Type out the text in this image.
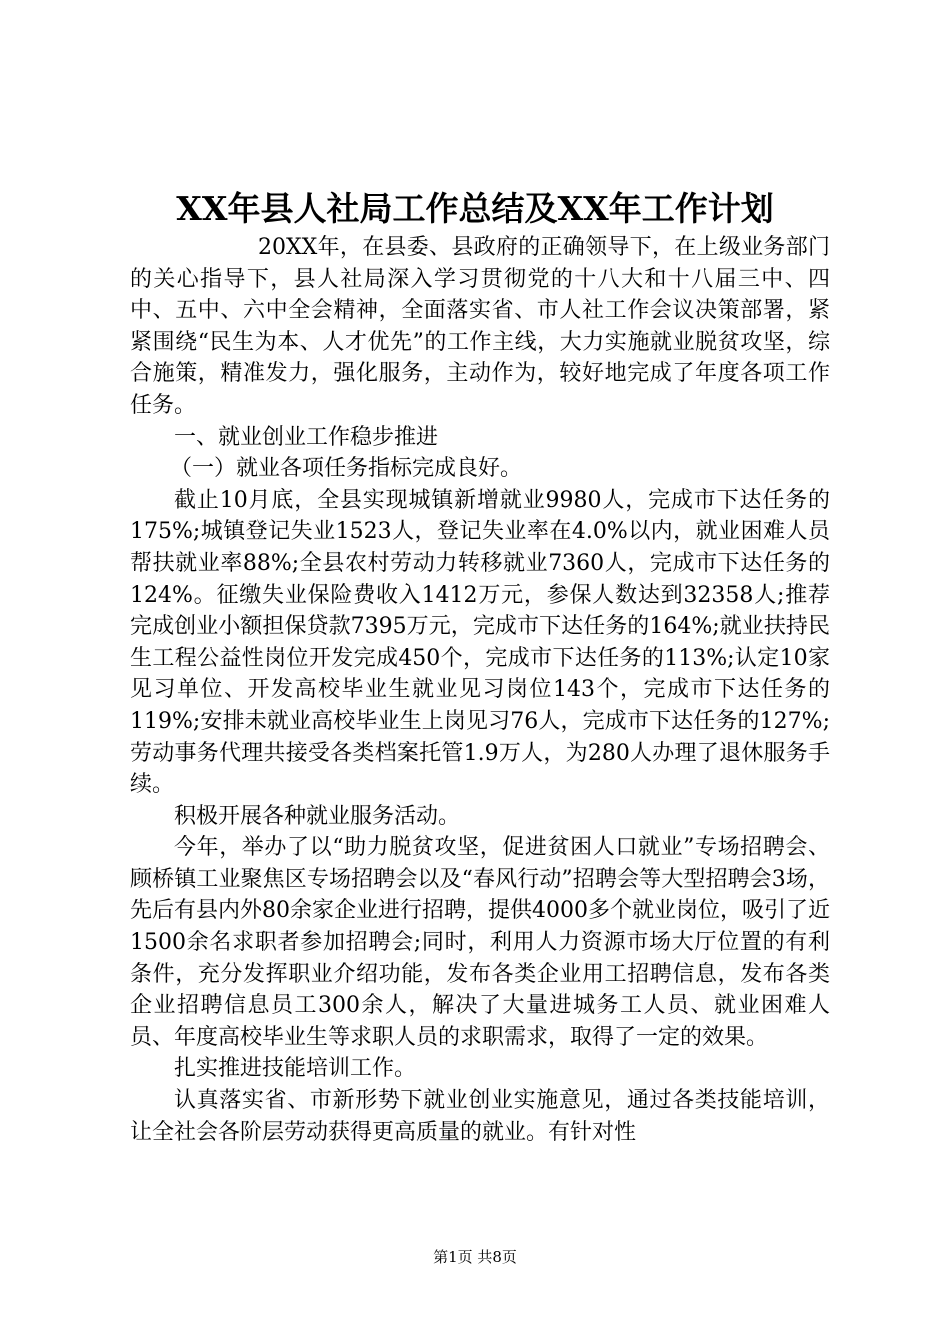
XX年县人社局工作总结及XX年工作计划

20XX年，在县委、县政府的正确领导下，在上级业务部门的关心指导下，县人社局深入学习贯彻党的十八大和十八届三中、四中、五中、六中全会精神，全面落实省、市人社工作会议决策部署，紧紧围绕“民生为本、人才优先”的工作主线，大力实施就业脱贫攻坚，综合施策，精准发力，强化服务，主动作为，较好地完成了年度各项工作任务。

一、就业创业工作稳步推进

（一）就业各项任务指标完成良好。

截止10月底，全县实现城镇新增就业9980人，完成市下达任务的175%;城镇登记失业1523人，登记失业率在4.0%以内，就业困难人员帮扶就业率88%;全县农村劳动力转移就业7360人，完成市下达任务的124%。征缴失业保险费收入1412万元，参保人数达到32358人;推荐完成创业小额担保贷款7395万元，完成市下达任务的164%;就业扶持民生工程公益性岗位开发完成450个，完成市下达任务的113%;认定10家见习单位、开发高校毕业生就业见习岗位143个，完成市下达任务的119%;安排未就业高校毕业生上岗见习76人，完成市下达任务的127%;劳动事务代理共接受各类档案托管1.9万人，为280人办理了退休服务手续。

积极开展各种就业服务活动。

今年，举办了以“助力脱贫攻坚，促进贫困人口就业”专场招聘会、顾桥镇工业聚焦区专场招聘会以及“春风行动”招聘会等大型招聘会3场，先后有县内外80余家企业进行招聘，提供4000多个就业岗位，吸引了近1500余名求职者参加招聘会;同时，利用人力资源市场大厅位置的有利条件，充分发挥职业介绍功能，发布各类企业用工招聘信息，发布各类企业招聘信息员工300余人，解决了大量进城务工人员、就业困难人员、年度高校毕业生等求职人员的求职需求，取得了一定的效果。

扎实推进技能培训工作。

认真落实省、市新形势下就业创业实施意见，通过各类技能培训，让全社会各阶层劳动获得更高质量的就业。有针对性

第1页 共8页
